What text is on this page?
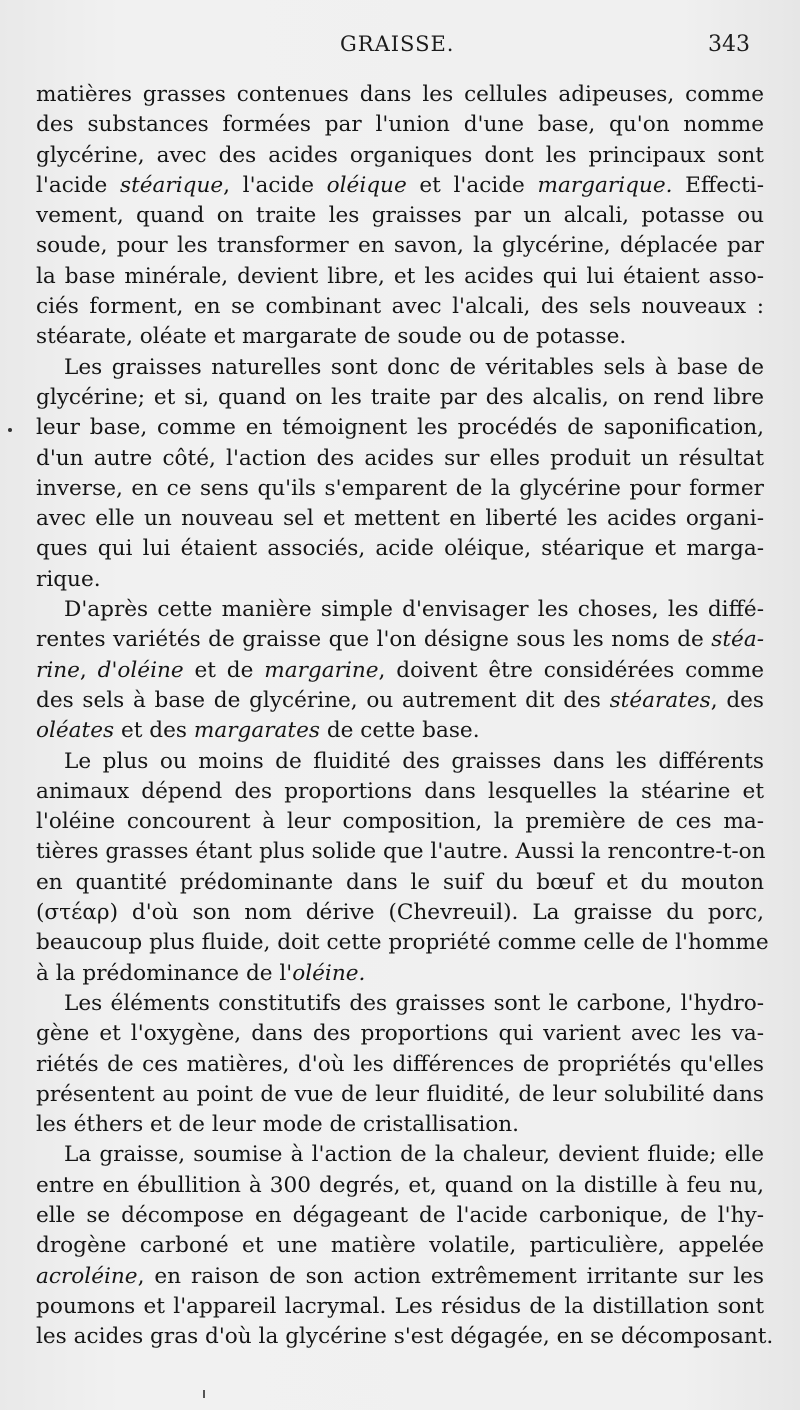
GRAISSE.	343
matières grasses contenues dans les cellules adipeuses, comme
des substances formées par l'union d'une base, qu'on nomme
glycérine, avec des acides organiques dont les principaux sont
l'acide stéarique, l'acide oléique et l'acide margarique. Effecti-
vement, quand on traite les graisses par un alcali, potasse ou
soude, pour les transformer en savon, la glycérine, déplacée par
la base minérale, devient libre, et les acides qui lui étaient asso-
ciés forment, en se combinant avec l'alcali, des sels nouveaux :
stéarate, oléate et margarate de soude ou de potasse.
Les graisses naturelles sont donc de véritables sels à base de
glycérine; et si, quand on les traite par des alcalis, on rend libre
leur base, comme en témoignent les procédés de saponification,
d'un autre côté, l'action des acides sur elles produit un résultat
inverse, en ce sens qu'ils s'emparent de la glycérine pour former
avec elle un nouveau sel et mettent en liberté les acides organi-
ques qui lui étaient associés, acide oléique, stéarique et marga-
rique.
D'après cette manière simple d'envisager les choses, les diffé-
rentes variétés de graisse que l'on désigne sous les noms de stéa-
rine, d'oléine et de margarine, doivent être considérées comme
des sels à base de glycérine, ou autrement dit des stéarates, des
oléates et des margarates de cette base.
Le plus ou moins de fluidité des graisses dans les différents
animaux dépend des proportions dans lesquelles la stéarine et
l'oléine concourent à leur composition, la première de ces ma-
tières grasses étant plus solide que l'autre. Aussi la rencontre-t-on
en quantité prédominante dans le suif du bœuf et du mouton
(στέαρ) d'où son nom dérive (Chevreuil). La graisse du porc,
beaucoup plus fluide, doit cette propriété comme celle de l'homme
à la prédominance de l'oléine.
Les éléments constitutifs des graisses sont le carbone, l'hydro-
gène et l'oxygène, dans des proportions qui varient avec les va-
riétés de ces matières, d'où les différences de propriétés qu'elles
présentent au point de vue de leur fluidité, de leur solubilité dans
les éthers et de leur mode de cristallisation.
La graisse, soumise à l'action de la chaleur, devient fluide; elle
entre en ébullition à 300 degrés, et, quand on la distille à feu nu,
elle se décompose en dégageant de l'acide carbonique, de l'hy-
drogène carboné et une matière volatile, particulière, appelée
acroléine, en raison de son action extrêmement irritante sur les
poumons et l'appareil lacrymal. Les résidus de la distillation sont
les acides gras d'où la glycérine s'est dégagée, en se décomposant.
